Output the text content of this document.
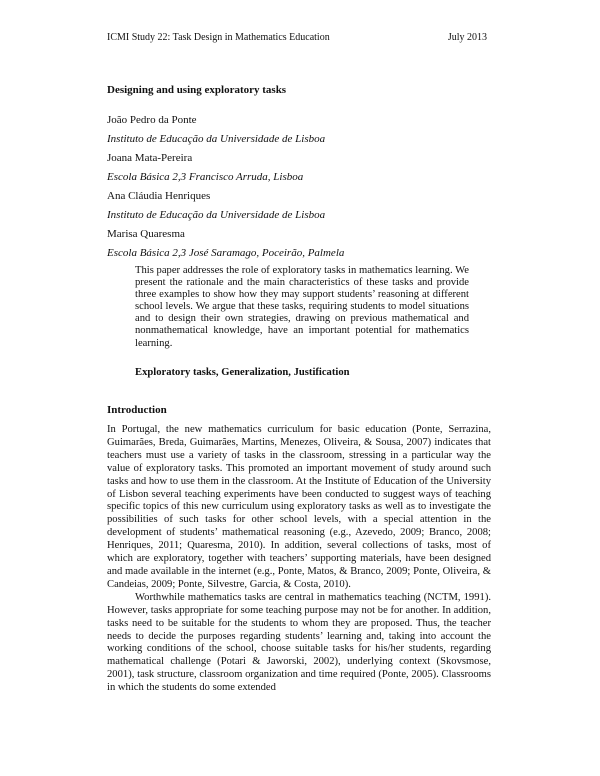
ICMI Study 22: Task Design in Mathematics Education	July 2013
Designing and using exploratory tasks
João Pedro da Ponte
Instituto de Educação da Universidade de Lisboa
Joana Mata-Pereira
Escola Básica 2,3 Francisco Arruda, Lisboa
Ana Cláudia Henriques
Instituto de Educação da Universidade de Lisboa
Marisa Quaresma
Escola Básica 2,3 José Saramago, Poceirão, Palmela

This paper addresses the role of exploratory tasks in mathematics learning. We present the rationale and the main characteristics of these tasks and provide three examples to show how they may support students’ reasoning at different school levels. We argue that these tasks, requiring students to model situations and to design their own strategies, drawing on previous mathematical and nonmathematical knowledge, have an important potential for mathematics learning.

Exploratory tasks, Generalization, Justification
Introduction

In Portugal, the new mathematics curriculum for basic education (Ponte, Serrazina, Guimarães, Breda, Guimarães, Martins, Menezes, Oliveira, & Sousa, 2007) indicates that teachers must use a variety of tasks in the classroom, stressing in a particular way the value of exploratory tasks. This promoted an important movement of study around such tasks and how to use them in the classroom. At the Institute of Education of the University of Lisbon several teaching experiments have been conducted to suggest ways of teaching specific topics of this new curriculum using exploratory tasks as well as to investigate the possibilities of such tasks for other school levels, with a special attention in the development of students’ mathematical reasoning (e.g., Azevedo, 2009; Branco, 2008; Henriques, 2011; Quaresma, 2010). In addition, several collections of tasks, most of which are exploratory, together with teachers’ supporting materials, have been designed and made available in the internet (e.g., Ponte, Matos, & Branco, 2009; Ponte, Oliveira, & Candeias, 2009; Ponte, Silvestre, Garcia, & Costa, 2010).

Worthwhile mathematics tasks are central in mathematics teaching (NCTM, 1991). However, tasks appropriate for some teaching purpose may not be for another. In addition, tasks need to be suitable for the students to whom they are proposed. Thus, the teacher needs to decide the purposes regarding students’ learning and, taking into account the working conditions of the school, choose suitable tasks for his/her students, regarding mathematical challenge (Potari & Jaworski, 2002), underlying context (Skovsmose, 2001), task structure, classroom organization and time required (Ponte, 2005). Classrooms in which the students do some extended
